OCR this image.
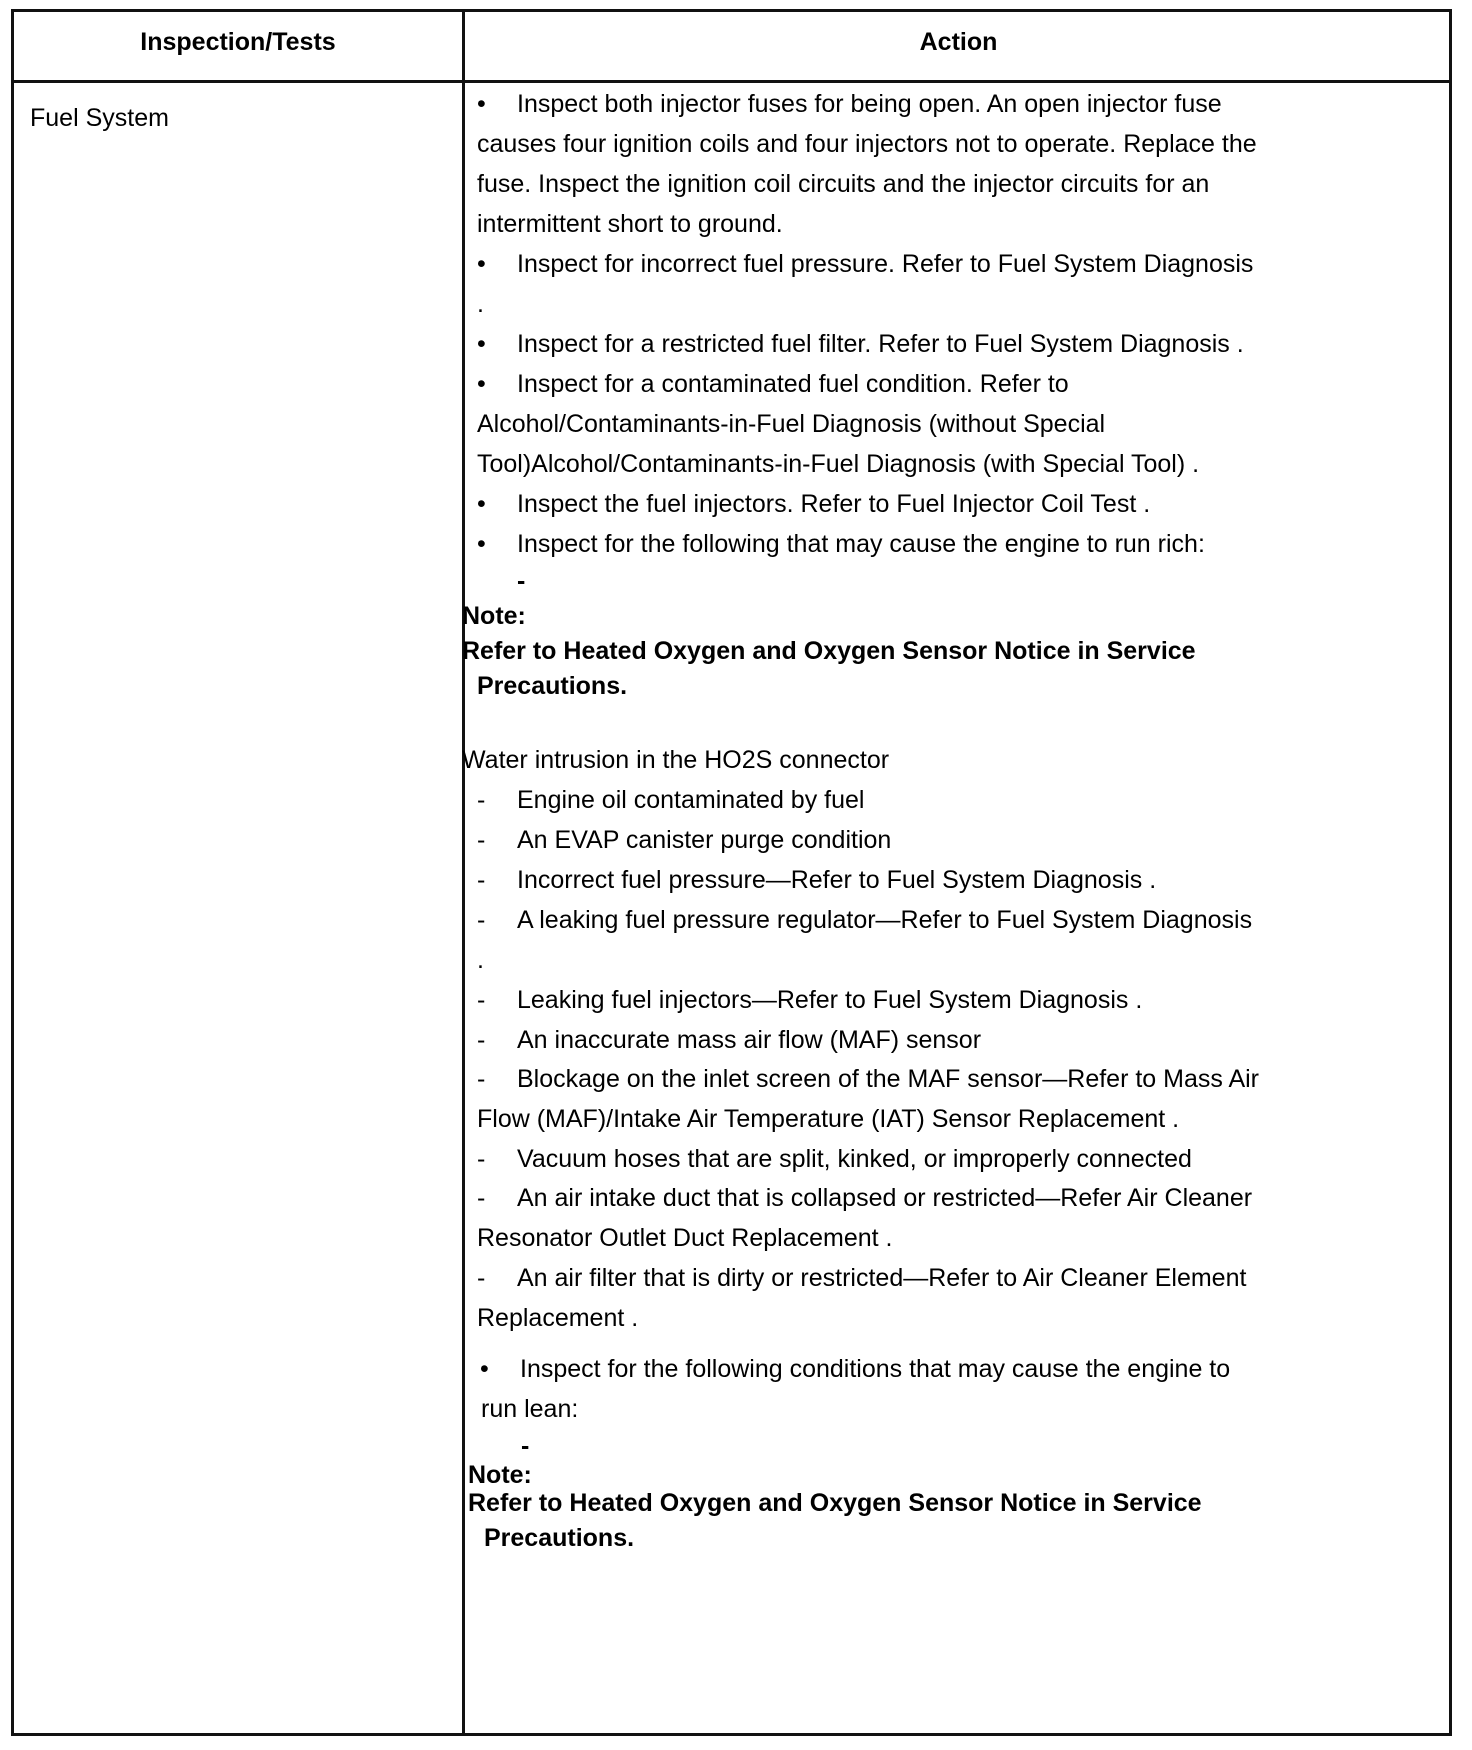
Inspection/Tests	Action
Fuel System	• Inspect both injector fuses for being open. An open injector fuse
causes four ignition coils and four injectors not to operate. Replace the
fuse. Inspect the ignition coil circuits and the injector circuits for an
intermittent short to ground.
• Inspect for incorrect fuel pressure. Refer to Fuel System Diagnosis
.
• Inspect for a restricted fuel filter. Refer to Fuel System Diagnosis .
• Inspect for a contaminated fuel condition. Refer to
Alcohol/Contaminants-in-Fuel Diagnosis (without Special
Tool)Alcohol/Contaminants-in-Fuel Diagnosis (with Special Tool) .
• Inspect the fuel injectors. Refer to Fuel Injector Coil Test .
• Inspect for the following that may cause the engine to run rich:
-
Note:
Refer to Heated Oxygen and Oxygen Sensor Notice in Service
Precautions.
Water intrusion in the HO2S connector
- Engine oil contaminated by fuel
- An EVAP canister purge condition
- Incorrect fuel pressure—Refer to Fuel System Diagnosis .
- A leaking fuel pressure regulator—Refer to Fuel System Diagnosis
.
- Leaking fuel injectors—Refer to Fuel System Diagnosis .
- An inaccurate mass air flow (MAF) sensor
- Blockage on the inlet screen of the MAF sensor—Refer to Mass Air
Flow (MAF)/Intake Air Temperature (IAT) Sensor Replacement .
- Vacuum hoses that are split, kinked, or improperly connected
- An air intake duct that is collapsed or restricted—Refer Air Cleaner
Resonator Outlet Duct Replacement .
- An air filter that is dirty or restricted—Refer to Air Cleaner Element
Replacement .
• Inspect for the following conditions that may cause the engine to
run lean:
-
Note:
Refer to Heated Oxygen and Oxygen Sensor Notice in Service
Precautions.
